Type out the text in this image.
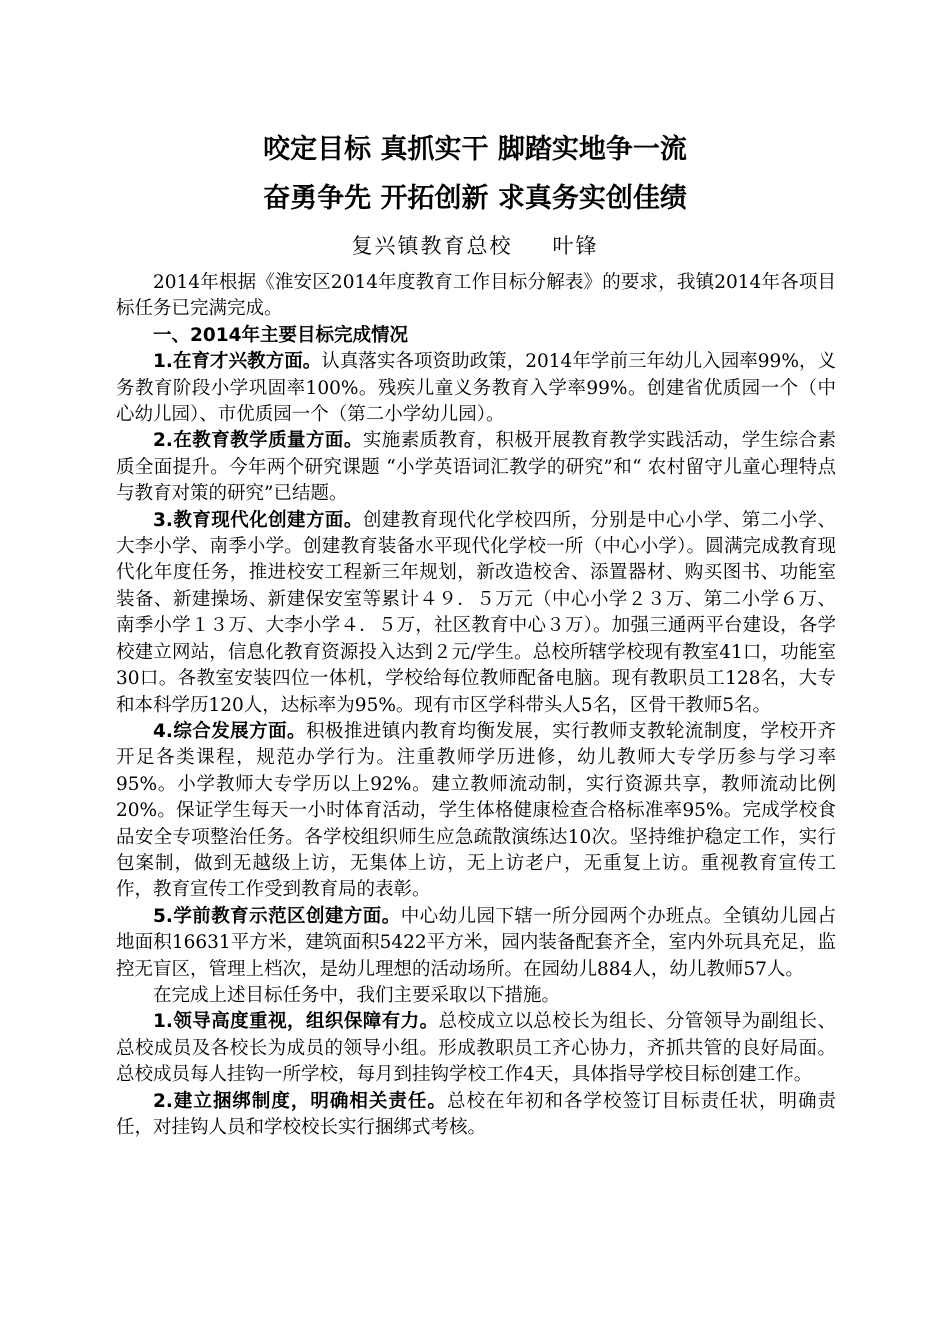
咬定目标 真抓实干 脚踏实地争一流
奋勇争先 开拓创新 求真务实创佳绩
复兴镇教育总校 叶锋

2014年根据《淮安区2014年度教育工作目标分解表》的要求，我镇2014年各项目标任务已完满完成。

一、2014年主要目标完成情况

1.在育才兴教方面。认真落实各项资助政策，2014年学前三年幼儿入园率99%，义务教育阶段小学巩固率100%。残疾儿童义务教育入学率99%。创建省优质园一个（中心幼儿园）、市优质园一个（第二小学幼儿园）。

2.在教育教学质量方面。实施素质教育，积极开展教育教学实践活动，学生综合素质全面提升。今年两个研究课题 “小学英语词汇教学的研究”和“ 农村留守儿童心理特点与教育对策的研究”已结题。

3.教育现代化创建方面。创建教育现代化学校四所，分别是中心小学、第二小学、大李小学、南季小学。创建教育装备水平现代化学校一所（中心小学）。圆满完成教育现代化年度任务，推进校安工程新三年规划，新改造校舍、添置器材、购买图书、功能室装备、新建操场、新建保安室等累计４９．５万元（中心小学２３万、第二小学６万、南季小学１３万、大李小学４．５万，社区教育中心３万）。加强三通两平台建设，各学校建立网站，信息化教育资源投入达到２元/学生。总校所辖学校现有教室41口，功能室30口。各教室安装四位一体机，学校给每位教师配备电脑。现有教职员工128名，大专和本科学历120人，达标率为95%。现有市区学科带头人5名，区骨干教师5名。

4.综合发展方面。积极推进镇内教育均衡发展，实行教师支教轮流制度，学校开齐开足各类课程，规范办学行为。注重教师学历进修，幼儿教师大专学历参与学习率95%。小学教师大专学历以上92%。建立教师流动制，实行资源共享，教师流动比例20%。保证学生每天一小时体育活动，学生体格健康检查合格标准率95%。完成学校食品安全专项整治任务。各学校组织师生应急疏散演练达10次。坚持维护稳定工作，实行包案制，做到无越级上访，无集体上访，无上访老户，无重复上访。重视教育宣传工作，教育宣传工作受到教育局的表彰。

5.学前教育示范区创建方面。中心幼儿园下辖一所分园两个办班点。全镇幼儿园占地面积16631平方米，建筑面积5422平方米，园内装备配套齐全，室内外玩具充足，监控无盲区，管理上档次，是幼儿理想的活动场所。在园幼儿884人，幼儿教师57人。

在完成上述目标任务中，我们主要采取以下措施。

1.领导高度重视，组织保障有力。总校成立以总校长为组长、分管领导为副组长、总校成员及各校长为成员的领导小组。形成教职员工齐心协力，齐抓共管的良好局面。总校成员每人挂钩一所学校，每月到挂钩学校工作4天，具体指导学校目标创建工作。

2.建立捆绑制度，明确相关责任。总校在年初和各学校签订目标责任状，明确责任，对挂钩人员和学校校长实行捆绑式考核。
